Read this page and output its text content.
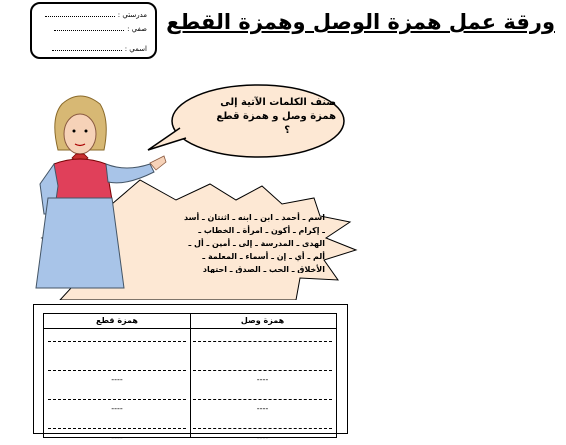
مدرستي :
صفي :
اسمي :
ورقة عمل همزة الوصل وهمزة القطع
صنف الكلمات الآتية إلى
همزة وصل و همزة قطع
؟
اسم ـ أحمد ـ ابن ـ ابنه ـ اثنتان ـ أسد
ـ إكرام ـ أكون ـ امرأة ـ الخطاب ـ
الهدى ـ المدرسة ـ إلى ـ أمين ـ أل ـ
ألم ـ أي ـ إن ـ أسماء ـ المعلمة ـ
الأخلاق ـ الحب ـ الصدق ـ اجتهاد
همزة وصل
----
----
----
همزة قطع
----
----
----
